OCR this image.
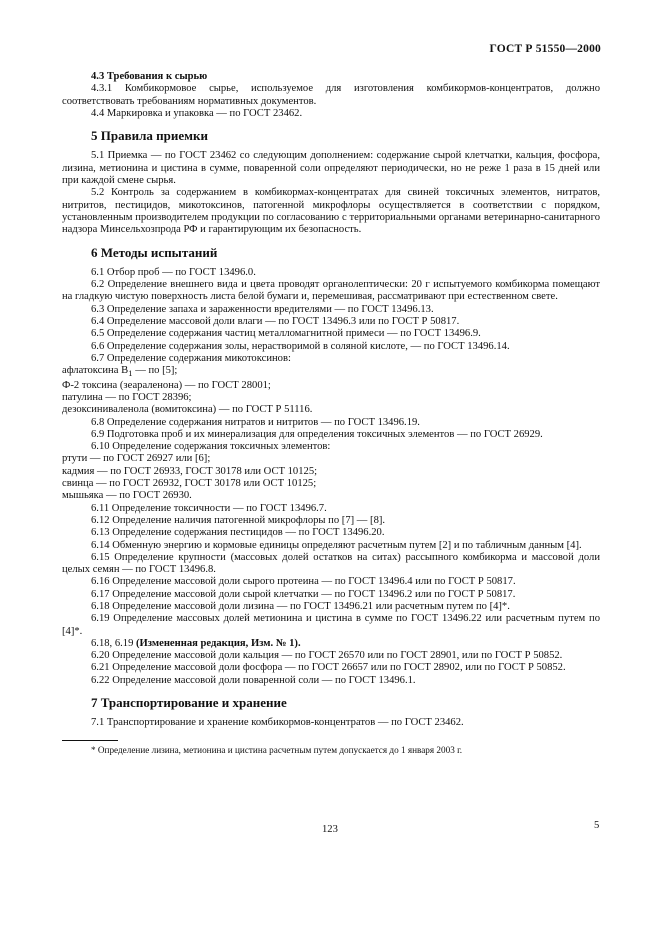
ГОСТ Р 51550—2000

4.3 Требования к сырью

4.3.1 Комбикормовое сырье, используемое для изготовления комбикормов-концентратов, должно соответствовать требованиям нормативных документов.

4.4 Маркировка и упаковка — по ГОСТ 23462.

5 Правила приемки

5.1 Приемка — по ГОСТ 23462 со следующим дополнением: содержание сырой клетчатки, кальция, фосфора, лизина, метионина и цистина в сумме, поваренной соли определяют периодически, но не реже 1 раза в 15 дней или при каждой смене сырья.

5.2 Контроль за содержанием в комбикормах-концентратах для свиней токсичных элементов, нитратов, нитритов, пестицидов, микотоксинов, патогенной микрофлоры осуществляется в соответствии с порядком, установленным производителем продукции по согласованию с территориальными органами ветеринарно-санитарного надзора Минсельхозпрода РФ и гарантирующим их безопасность.

6 Методы испытаний

6.1 Отбор проб — по ГОСТ 13496.0.

6.2 Определение внешнего вида и цвета проводят органолептически: 20 г испытуемого комбикорма помещают на гладкую чистую поверхность листа белой бумаги и, перемешивая, рассматривают при естественном свете.

6.3 Определение запаха и зараженности вредителями — по ГОСТ 13496.13.

6.4 Определение массовой доли влаги — по ГОСТ 13496.3 или по ГОСТ Р 50817.

6.5 Определение содержания частиц металломагнитной примеси — по ГОСТ 13496.9.

6.6 Определение содержания золы, нерастворимой в соляной кислоте, — по ГОСТ 13496.14.

6.7 Определение содержания микотоксинов:

афлатоксина $В_1$ — по [5];

Ф-2 токсина (зеараленона) — по ГОСТ 28001;

патулина — по ГОСТ 28396;

дезоксиниваленола (вомитоксина) — по ГОСТ Р 51116.

6.8 Определение содержания нитратов и нитритов — по ГОСТ 13496.19.

6.9 Подготовка проб и их минерализация для определения токсичных элементов — по ГОСТ 26929.

6.10 Определение содержания токсичных элементов:

ртути — по ГОСТ 26927 или [6];

кадмия — по ГОСТ 26933, ГОСТ 30178 или ОСТ 10125;

свинца — по ГОСТ 26932, ГОСТ 30178 или ОСТ 10125;

мышьяка — по ГОСТ 26930.

6.11 Определение токсичности — по ГОСТ 13496.7.

6.12 Определение наличия патогенной микрофлоры по [7] — [8].

6.13 Определение содержания пестицидов — по ГОСТ 13496.20.

6.14 Обменную энергию и кормовые единицы определяют расчетным путем [2] и по табличным данным [4].

6.15 Определение крупности (массовых долей остатков на ситах) рассыпного комбикорма и массовой доли целых семян — по ГОСТ 13496.8.

6.16 Определение массовой доли сырого протеина — по ГОСТ 13496.4 или по ГОСТ Р 50817.

6.17 Определение массовой доли сырой клетчатки — по ГОСТ 13496.2 или по ГОСТ Р 50817.

6.18 Определение массовой доли лизина — по ГОСТ 13496.21 или расчетным путем по [4]*.

6.19 Определение массовых долей метионина и цистина в сумме по ГОСТ 13496.22 или расчетным путем по [4]*.

6.18, 6.19 (Измененная редакция, Изм. № 1).

6.20 Определение массовой доли кальция — по ГОСТ 26570 или по ГОСТ 28901, или по ГОСТ Р 50852.

6.21 Определение массовой доли фосфора — по ГОСТ 26657 или по ГОСТ 28902, или по ГОСТ Р 50852.

6.22 Определение массовой доли поваренной соли — по ГОСТ 13496.1.

7 Транспортирование и хранение

7.1 Транспортирование и хранение комбикормов-концентратов — по ГОСТ 23462.

* Определение лизина, метионина и цистина расчетным путем допускается до 1 января 2003 г.

123	5
